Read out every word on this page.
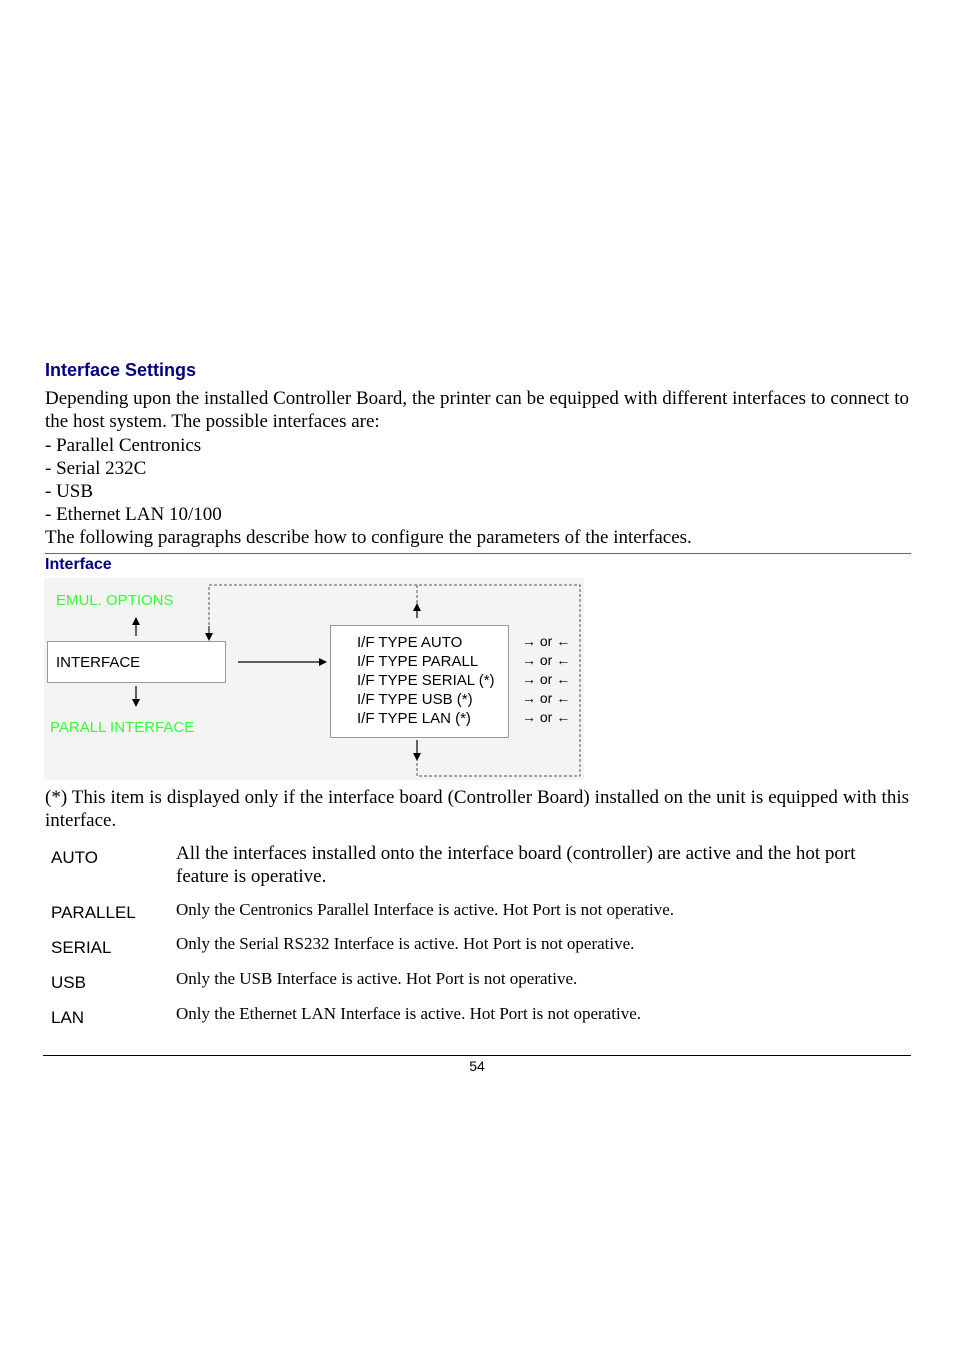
Interface Settings
Depending upon the installed Controller Board, the printer can be equipped with different interfaces to connect to the host system. The possible interfaces are:
- Parallel Centronics
- Serial 232C
- USB
- Ethernet LAN 10/100
The following paragraphs describe how to configure the parameters of the interfaces.
Interface
EMUL. OPTIONS
PARALL INTERFACE
INTERFACE
I/F TYPE AUTO
I/F TYPE PARALL
I/F TYPE SERIAL (*)
I/F TYPE USB (*)
I/F TYPE LAN (*)
→ or ←
→ or ←
→ or ←
→ or ←
→ or ←
(*) This item is displayed only if the interface board (Controller Board) installed on the unit is equipped with this interface.
AUTO	All the interfaces installed onto the interface board (controller) are active and the hot port feature is operative.
PARALLEL Only the Centronics Parallel Interface is active. Hot Port is not operative.
SERIAL	Only the Serial RS232 Interface is active. Hot Port is not operative.
USB	Only the USB Interface is active. Hot Port is not operative.
LAN	Only the Ethernet LAN Interface is active. Hot Port is not operative.
54
